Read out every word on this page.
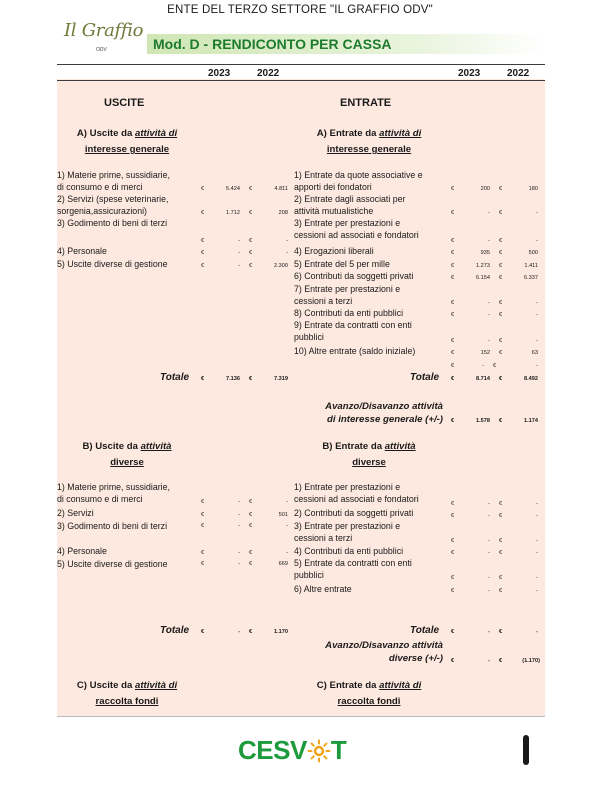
ENTE DEL TERZO SETTORE "IL GRAFFIO ODV"
Il Graffio
ODV	Mod. D - RENDICONTO PER CASSA
2023	2022	2023	2022
USCITE	ENTRATE
A) Uscite da attività di
interesse generale
A) Entrate da attività di
interesse generale
1) Materie prime, sussidiarie,
di consumo e di merci	€	5.424 €	4.811
2) Servizi (spese veterinarie,
sorgenia,assicurazioni)	€	1.712 €	208
3) Godimento di beni di terzi
€	- €	-
4) Personale	€	- €	-
5) Uscite diverse di gestione	€	- €	2.300
1) Entrate da quote associative e
apporti dei fondatori	€	200 €	180
2) Entrate dagli associati per
attività mutualistiche	€	- €	-
3) Entrate per prestazioni e
cessioni ad associati e fondatori
€	- €	-
4) Erogazioni liberali	€	935 €	500
5) Entrate del 5 per mille	€	1.273 €	1.411
6) Contributi da soggetti privati	€	6.154 €	6.337
7) Entrate per prestazioni e
cessioni a terzi	€	- €	-
8) Contributi da enti pubblici	€	- €	-
9) Entrate da contratti con enti
pubblici	€	- €	-
10) Altre entrate (saldo iniziale)	€	152 €	63
€	- €	-
Totale €	7.136 €	7.319	Totale €	8.714 €	8.492
Avanzo/Disavanzo attività
di interesse generale (+/-) €	1.578 €	1.174
B) Uscite da attività
diverse
B) Entrate da attività
diverse
1) Materie prime, sussidiarie,
di consumo e di merci	€	- €	-
2) Servizi	€	- €	501
3) Godimento di beni di terzi	€	- €	-
4) Personale	€	- €	-
5) Uscite diverse di gestione	€	- €	669
1) Entrate per prestazioni e
cessioni ad associati e fondatori
€	- €	-
2) Contributi da soggetti privati	€	- €	-
3) Entrate per prestazioni e
cessioni a terzi	€	- €	-
4) Contributi da enti pubblici	€	- €	-
5) Entrate da contratti con enti
pubblici	€	- €	-
6) Altre entrate	€	- €	-
Totale €	- €	1.170	Totale €	- €	-
Avanzo/Disavanzo attività
diverse (+/-) €	- €	(1.170)
C) Uscite da attività di
raccolta fondi
C) Entrate da attività di
raccolta fondi
CESV T
